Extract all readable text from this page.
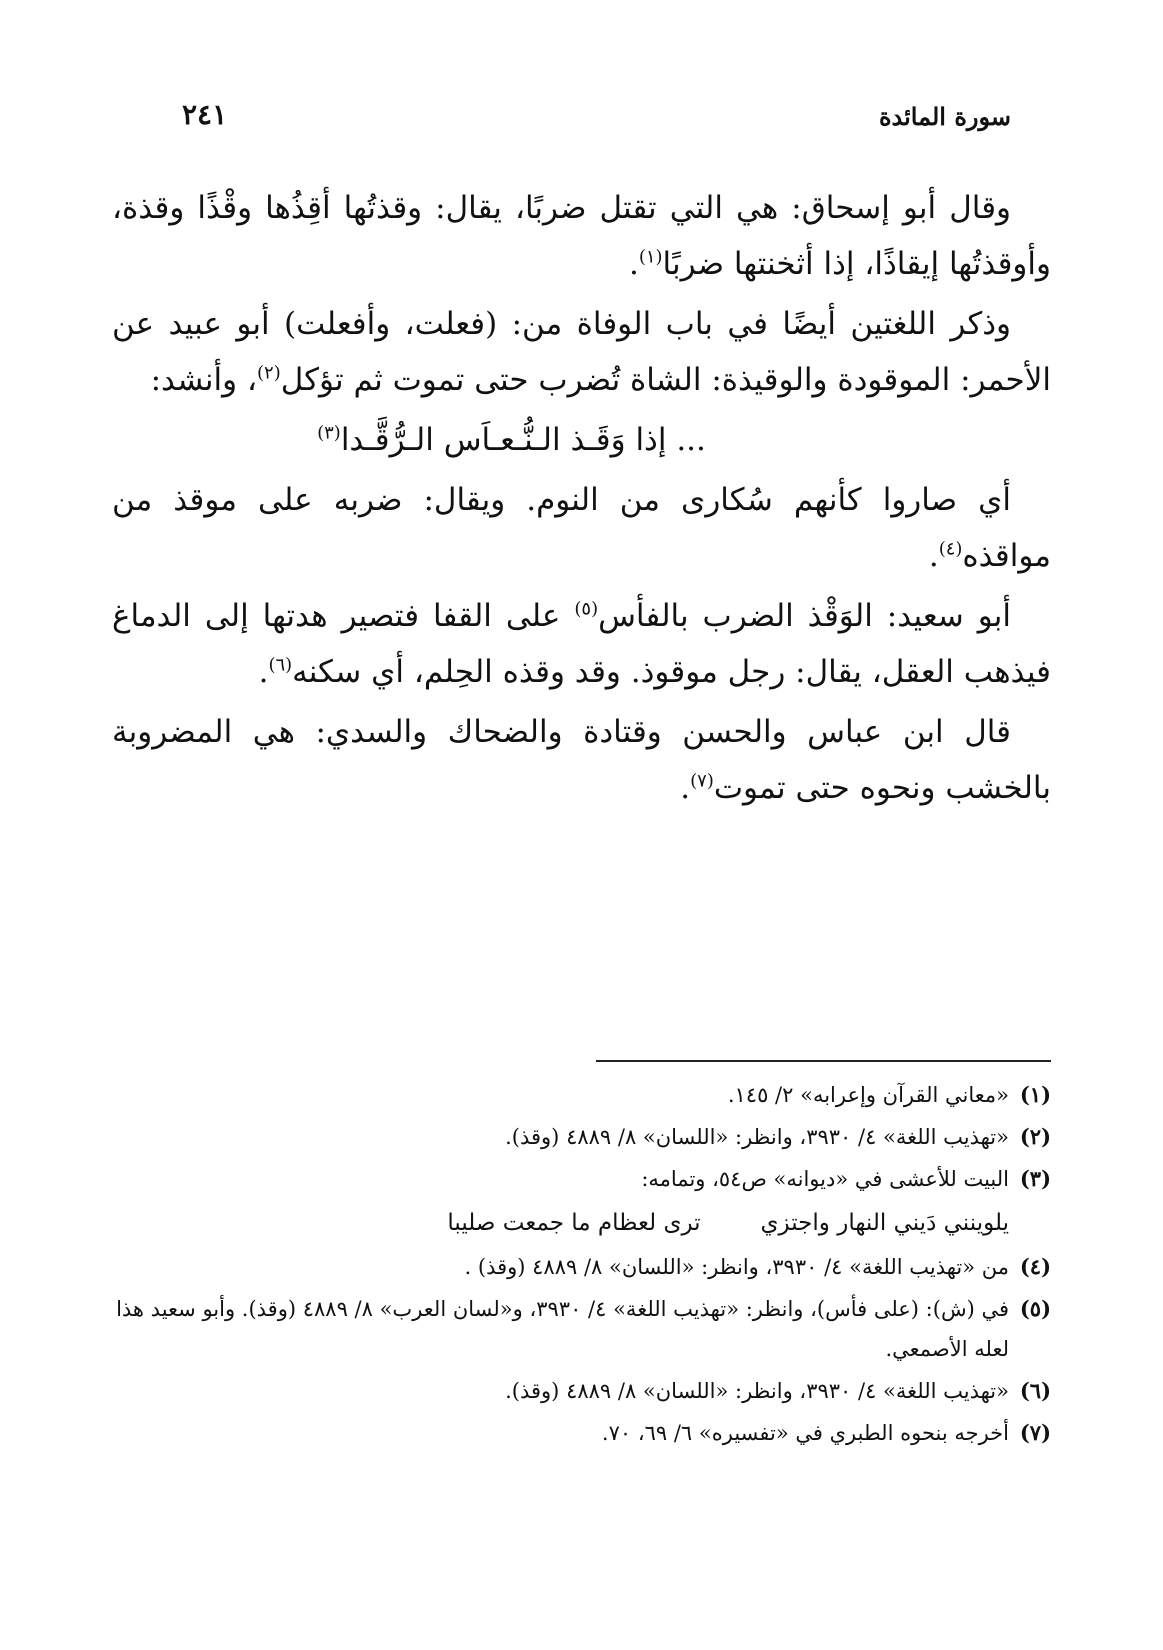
سورة المائدة
٢٤١

وقال أبو إسحاق: هي التي تقتل ضربًا، يقال: وقذتُها أقِذُها وقْذًا وقذة، وأوقذتُها إيقاذًا، إذا أثخنتها ضربًا$^{(١)}$.

وذكر اللغتين أيضًا في باب الوفاة من: (فعلت، وأفعلت) أبو عبيد عن الأحمر: الموقودة والوقيذة: الشاة تُضرب حتى تموت ثم تؤكل$^{(٢)}$، وأنشد:

... إذا وَقَـذ الـنُّـعـاَس الـرُّقَّـدا$^{(٣)}$

أي صاروا كأنهم سُكارى من النوم. ويقال: ضربه على موقذ من مواقذه$^{(٤)}$.

أبو سعيد: الوَقْذ الضرب بالفأس$^{(٥)}$ على القفا فتصير هدتها إلى الدماغ فيذهب العقل، يقال: رجل موقوذ. وقد وقذه الحِلم، أي سكنه$^{(٦)}$.

قال ابن عباس والحسن وقتادة والضحاك والسدي: هي المضروبة بالخشب ونحوه حتى تموت$^{(٧)}$.

(١)
«معاني القرآن وإعرابه» ٢/ ١٤٥.
(٢)
«تهذيب اللغة» ٤/ ٣٩٣٠، وانظر: «اللسان» ٨/ ٤٨٨٩ (وقذ).
(٣)
البيت للأعشى في «ديوانه» ص٥٤، وتمامه:
يلوينني دَيني النهار واجتزي
ترى لعظام ما جمعت صليبا
(٤)
من «تهذيب اللغة» ٤/ ٣٩٣٠، وانظر: «اللسان» ٨/ ٤٨٨٩ (وقذ) .
(٥)
في (ش): (على فأس)، وانظر: «تهذيب اللغة» ٤/ ٣٩٣٠، و«لسان العرب» ٨/ ٤٨٨٩ (وقذ). وأبو سعيد هذا لعله الأصمعي.
(٦)
«تهذيب اللغة» ٤/ ٣٩٣٠، وانظر: «اللسان» ٨/ ٤٨٨٩ (وقذ).
(٧)
أخرجه بنحوه الطبري في «تفسيره» ٦/ ٦٩، ٧٠.
